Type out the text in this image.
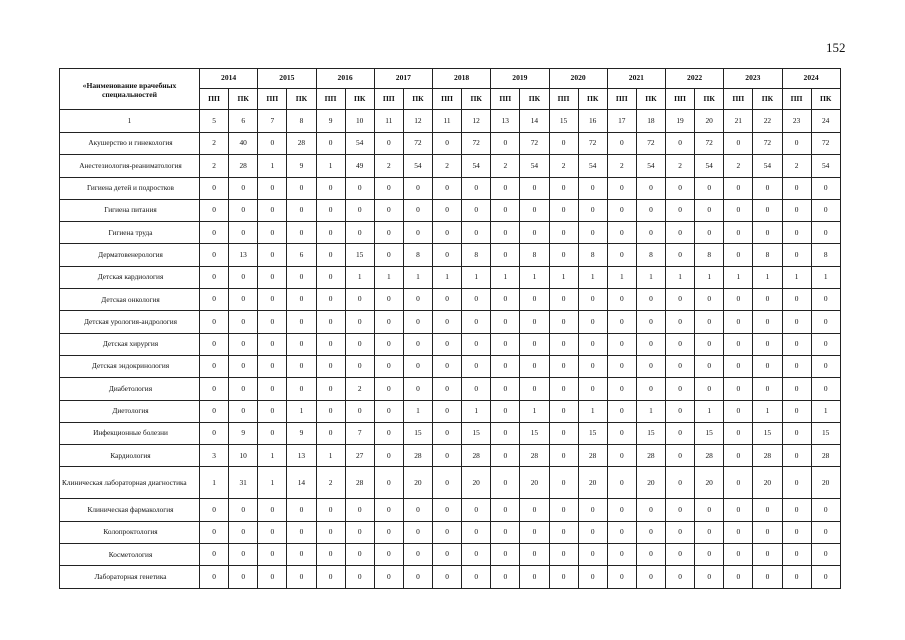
152
«Наименование врачебных специальностей	2014		2015		2016		2017		2018		2019		2020		2021		2022		2023		2024	
	ПП	ПК	ПП	ПК	ПП	ПК	ПП	ПК	ПП	ПК	ПП	ПК	ПП	ПК	ПП	ПК	ПП	ПК	ПП	ПК	ПП	ПК
1	5	6	7	8	9	10	11	12	11	12	13	14	15	16	17	18	19	20	21	22	23	24
Акушерство и гинекология	2	40	0	28	0	54	0	72	0	72	0	72	0	72	0	72	0	72	0	72	0	72
Анестезиология-реаниматология	2	28	1	9	1	49	2	54	2	54	2	54	2	54	2	54	2	54	2	54	2	54
Гигиена детей и подростков	0	0	0	0	0	0	0	0	0	0	0	0	0	0	0	0	0	0	0	0	0	0
Гигиена питания	0	0	0	0	0	0	0	0	0	0	0	0	0	0	0	0	0	0	0	0	0	0
Гигиена труда	0	0	0	0	0	0	0	0	0	0	0	0	0	0	0	0	0	0	0	0	0	0
Дерматовенерология	0	13	0	6	0	15	0	8	0	8	0	8	0	8	0	8	0	8	0	8	0	8
Детская кардиология	0	0	0	0	0	1	1	1	1	1	1	1	1	1	1	1	1	1	1	1	1	1
Детская онкология	0	0	0	0	0	0	0	0	0	0	0	0	0	0	0	0	0	0	0	0	0	0
Детская урология-андрология	0	0	0	0	0	0	0	0	0	0	0	0	0	0	0	0	0	0	0	0	0	0
Детская хирургия	0	0	0	0	0	0	0	0	0	0	0	0	0	0	0	0	0	0	0	0	0	0
Детская эндокринология	0	0	0	0	0	0	0	0	0	0	0	0	0	0	0	0	0	0	0	0	0	0
Диабетология	0	0	0	0	0	2	0	0	0	0	0	0	0	0	0	0	0	0	0	0	0	0
Диетология	0	0	0	1	0	0	0	1	0	1	0	1	0	1	0	1	0	1	0	1	0	1
Инфекционные болезни	0	9	0	9	0	7	0	15	0	15	0	15	0	15	0	15	0	15	0	15	0	15
Кардиология	3	10	1	13	1	27	0	28	0	28	0	28	0	28	0	28	0	28	0	28	0	28
Клиническая лабораторная диагностика	1	31	1	14	2	28	0	20	0	20	0	20	0	20	0	20	0	20	0	20	0	20
Клиническая фармакология	0	0	0	0	0	0	0	0	0	0	0	0	0	0	0	0	0	0	0	0	0	0
Колопроктология	0	0	0	0	0	0	0	0	0	0	0	0	0	0	0	0	0	0	0	0	0	0
Косметология	0	0	0	0	0	0	0	0	0	0	0	0	0	0	0	0	0	0	0	0	0	0
Лабораторная генетика	0	0	0	0	0	0	0	0	0	0	0	0	0	0	0	0	0	0	0	0	0	0
